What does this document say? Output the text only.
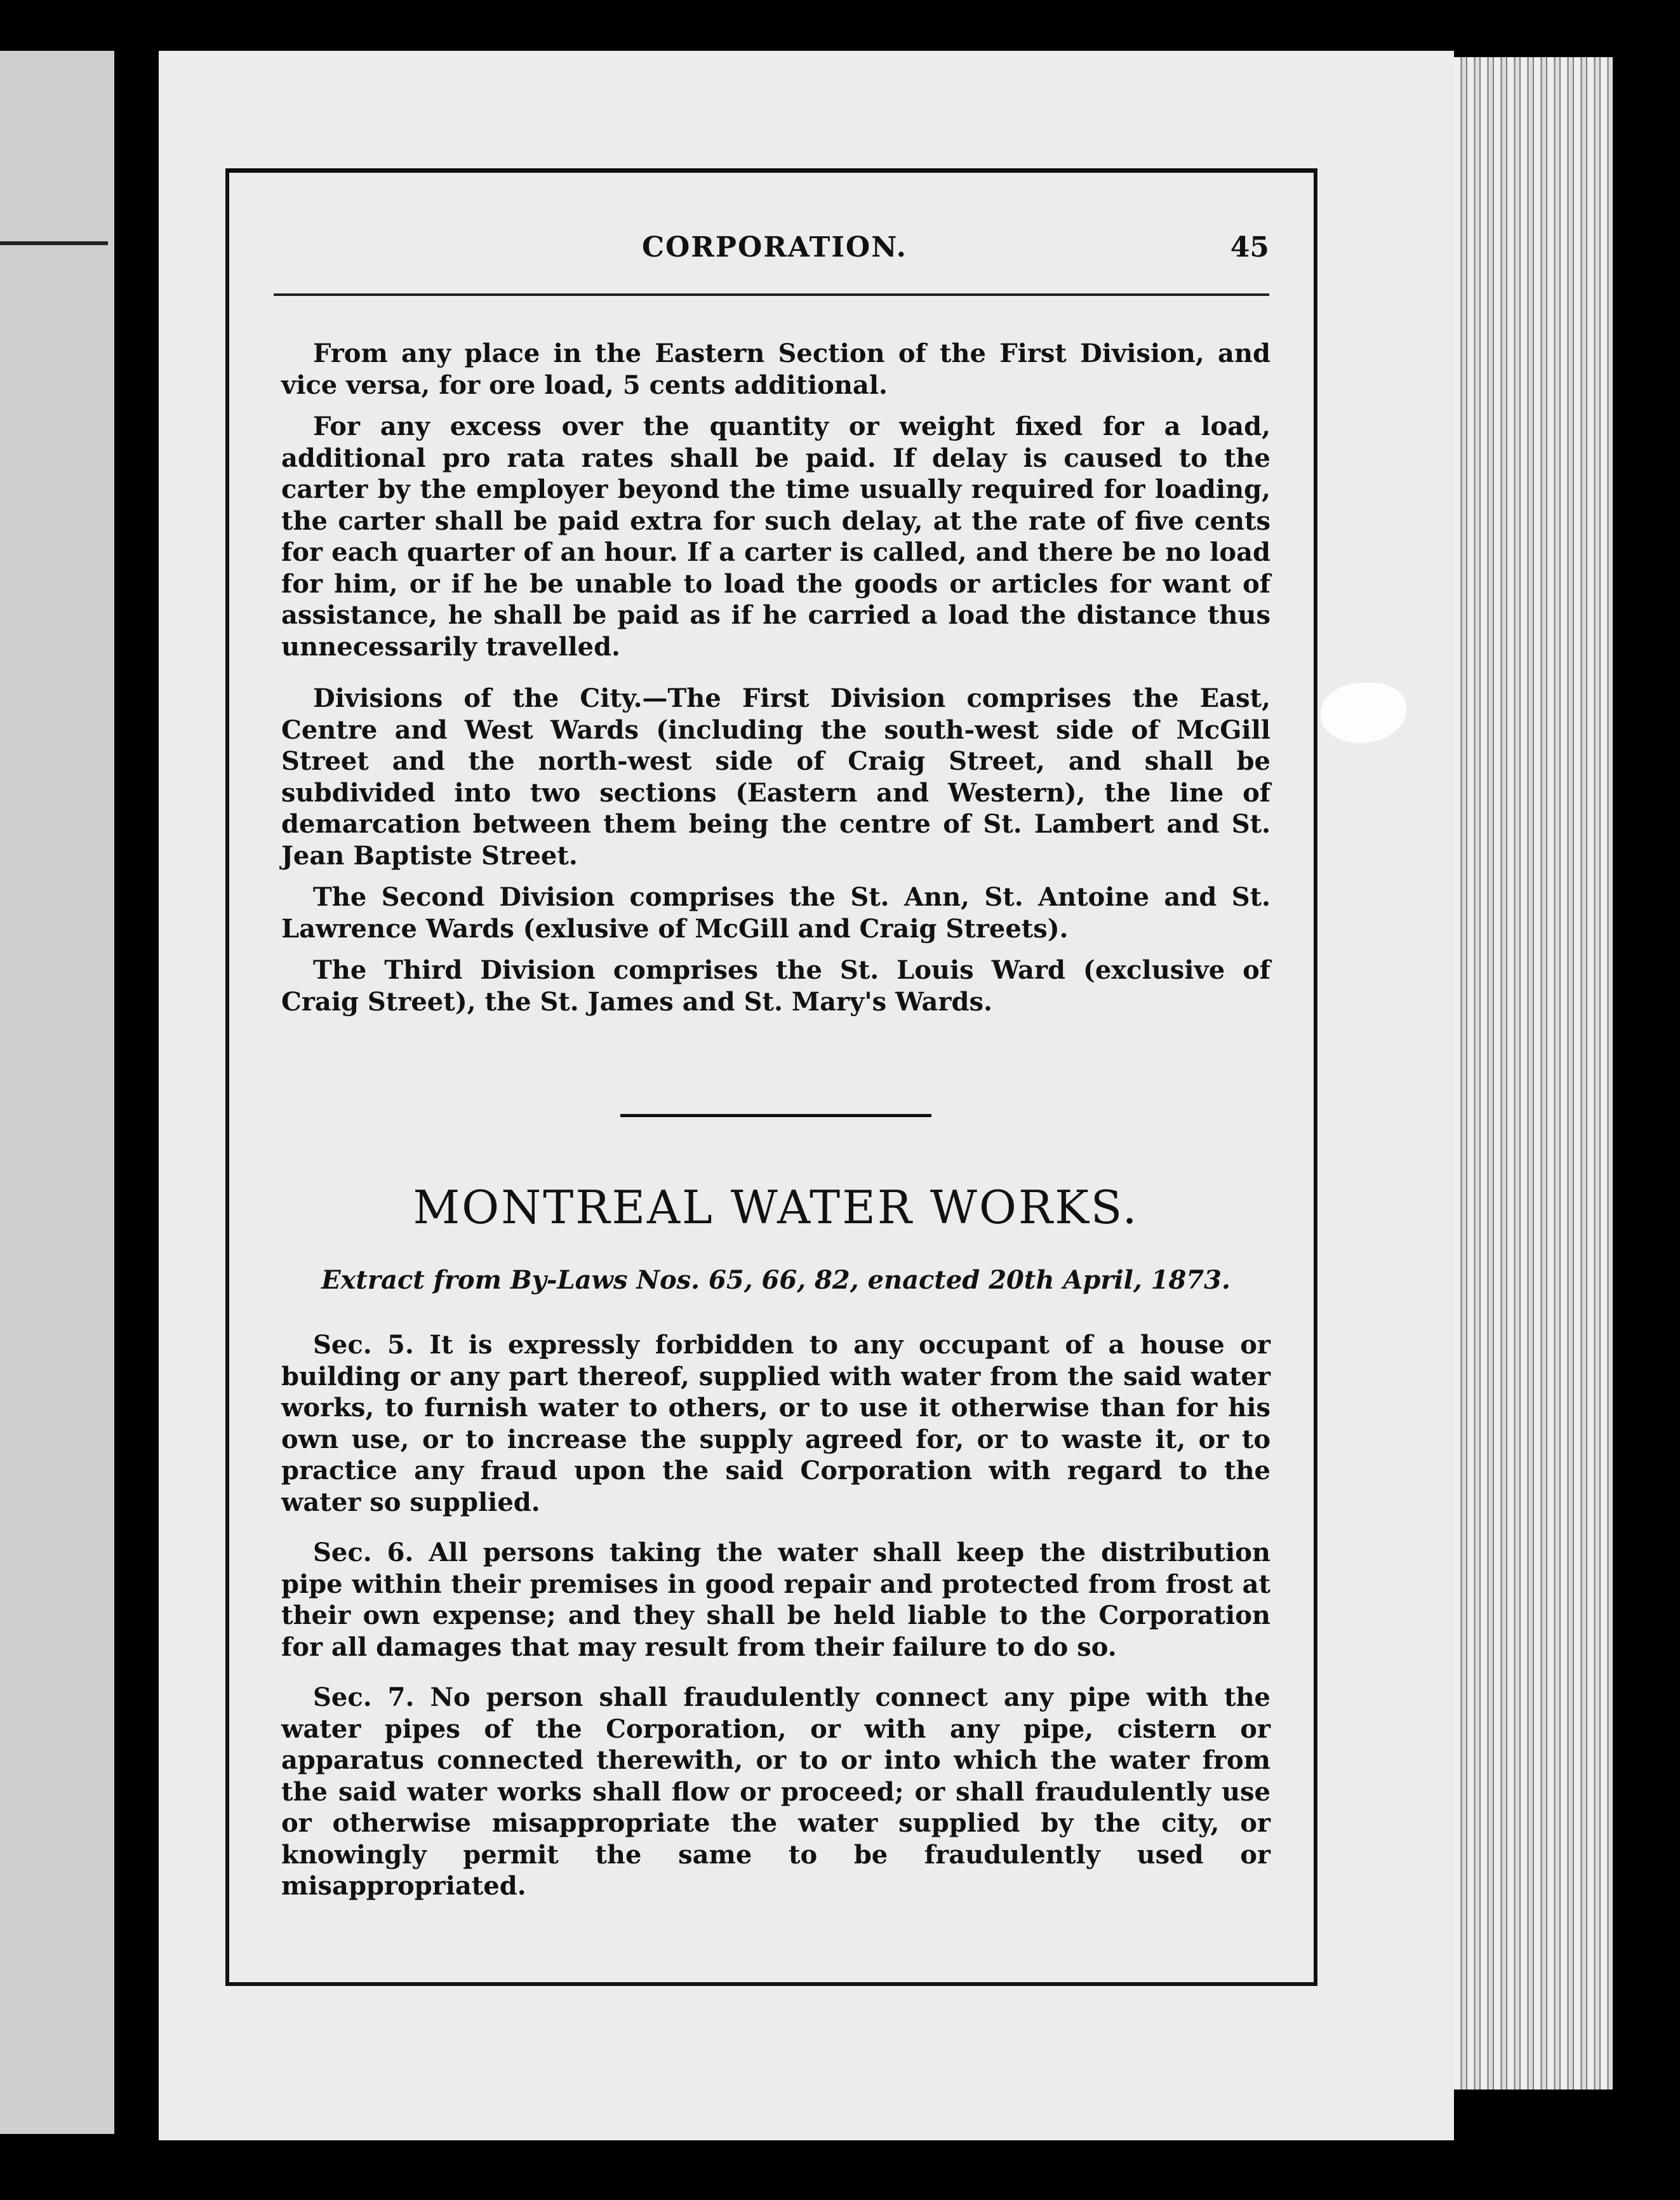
CORPORATION.	45

From any place in the Eastern Section of the First Division, and vice versa, for ore load, 5 cents additional.

For any excess over the quantity or weight fixed for a load, additional pro rata rates shall be paid. If delay is caused to the carter by the employer beyond the time usually required for loading, the carter shall be paid extra for such delay, at the rate of five cents for each quarter of an hour. If a carter is called, and there be no load for him, or if he be unable to load the goods or articles for want of assistance, he shall be paid as if he carried a load the distance thus unnecessarily travelled.

Divisions of the City.—The First Division comprises the East, Centre and West Wards (including the south-west side of McGill Street and the north-west side of Craig Street, and shall be subdivided into two sections (Eastern and Western), the line of demarcation between them being the centre of St. Lambert and St. Jean Baptiste Street.

The Second Division comprises the St. Ann, St. Antoine and St. Lawrence Wards (exlusive of McGill and Craig Streets).

The Third Division comprises the St. Louis Ward (exclusive of Craig Street), the St. James and St. Mary's Wards.

MONTREAL WATER WORKS.

Extract from By-Laws Nos. 65, 66, 82, enacted 20th April, 1873.

Sec. 5. It is expressly forbidden to any occupant of a house or building or any part thereof, supplied with water from the said water works, to furnish water to others, or to use it otherwise than for his own use, or to increase the supply agreed for, or to waste it, or to practice any fraud upon the said Corporation with regard to the water so supplied.

Sec. 6. All persons taking the water shall keep the distribution pipe within their premises in good repair and protected from frost at their own expense; and they shall be held liable to the Corporation for all damages that may result from their failure to do so.

Sec. 7. No person shall fraudulently connect any pipe with the water pipes of the Corporation, or with any pipe, cistern or apparatus connected therewith, or to or into which the water from the said water works shall flow or proceed; or shall fraudulently use or otherwise misappropriate the water supplied by the city, or knowingly permit the same to be fraudulently used or misappropriated.
